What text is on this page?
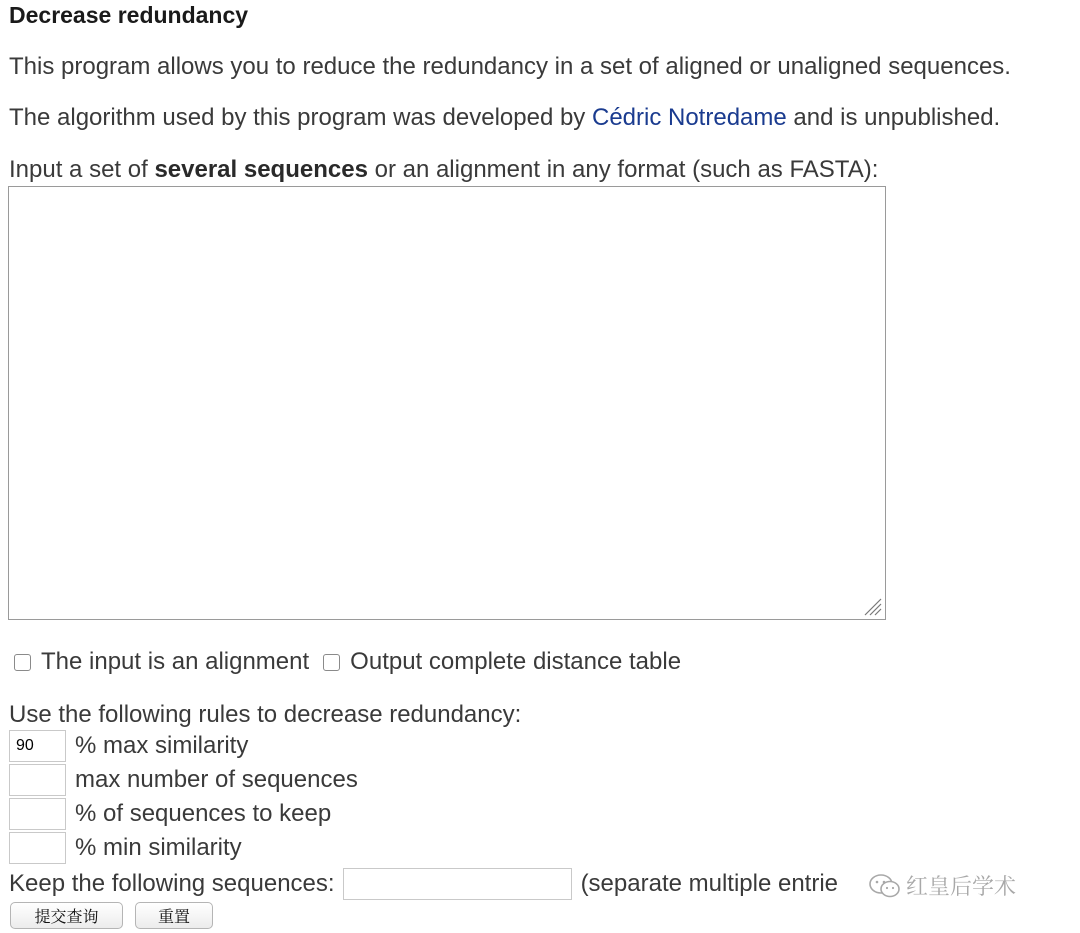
Decrease redundancy
This program allows you to reduce the redundancy in a set of aligned or unaligned sequences.
The algorithm used by this program was developed by Cédric Notredame and is unpublished.
Input a set of several sequences or an alignment in any format (such as FASTA):
The input is an alignment Output complete distance table
Use the following rules to decrease redundancy:
90
% max similarity
max number of sequences
% of sequences to keep
% min similarity
Keep the following sequences:	(separate multiple entrie
提交查询	重置
红皇后学术
